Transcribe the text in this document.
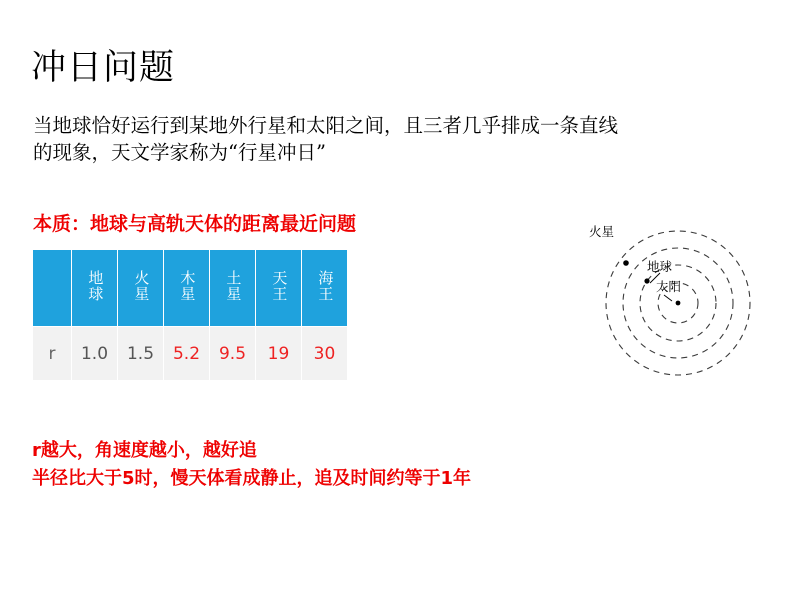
冲日问题
当地球恰好运行到某地外行星和太阳之间，且三者几乎排成一条直线的现象，天文学家称为“行星冲日”
本质：地球与高轨天体的距离最近问题
	地球	火星	木星	土星	天王	海王
r	1.0	1.5	5.2	9.5	19	30
r越大，角速度越小，越好追
半径比大于5时，慢天体看成静止，追及时间约等于1年
火星
地球
太阳
